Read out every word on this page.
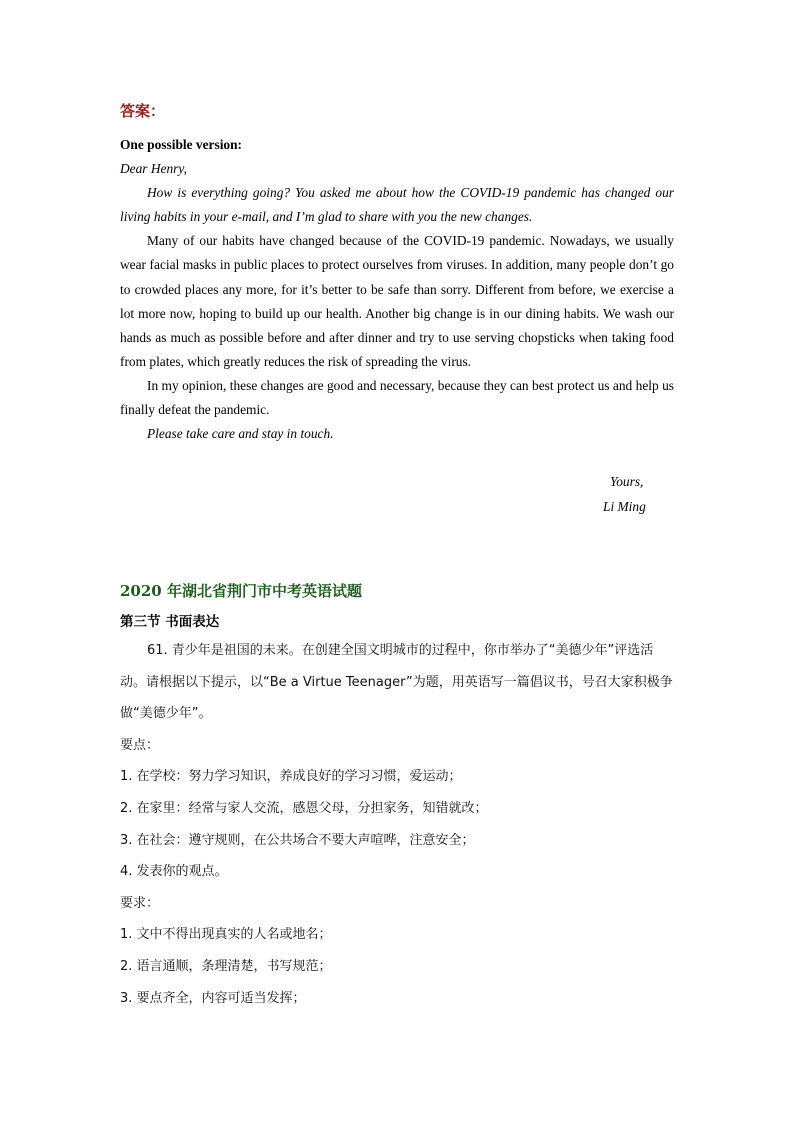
答案：

One possible version:

Dear Henry,

How is everything going? You asked me about how the COVID-19 pandemic has changed our living habits in your e-mail, and I’m glad to share with you the new changes.

Many of our habits have changed because of the COVID-19 pandemic. Nowadays, we usually wear facial masks in public places to protect ourselves from viruses. In addition, many people don’t go to crowded places any more, for it’s better to be safe than sorry. Different from before, we exercise a lot more now, hoping to build up our health. Another big change is in our dining habits. We wash our hands as much as possible before and after dinner and try to use serving chopsticks when taking food from plates, which greatly reduces the risk of spreading the virus.

In my opinion, these changes are good and necessary, because they can best protect us and help us finally defeat the pandemic.

Please take care and stay in touch.

Yours,
Li Ming

2020 年湖北省荆门市中考英语试题

第三节 书面表达

61. 青少年是祖国的未来。在创建全国文明城市的过程中，你市举办了“美德少年”评选活动。请根据以下提示，以“Be a Virtue Teenager”为题，用英语写一篇倡议书，号召大家积极争做“美德少年”。

要点：

1. 在学校：努力学习知识，养成良好的学习习惯，爱运动；

2. 在家里：经常与家人交流，感恩父母，分担家务，知错就改；

3. 在社会：遵守规则，在公共场合不要大声喧哗，注意安全；

4. 发表你的观点。

要求：

1. 文中不得出现真实的人名或地名；

2. 语言通顺，条理清楚，书写规范；

3. 要点齐全，内容可适当发挥；
